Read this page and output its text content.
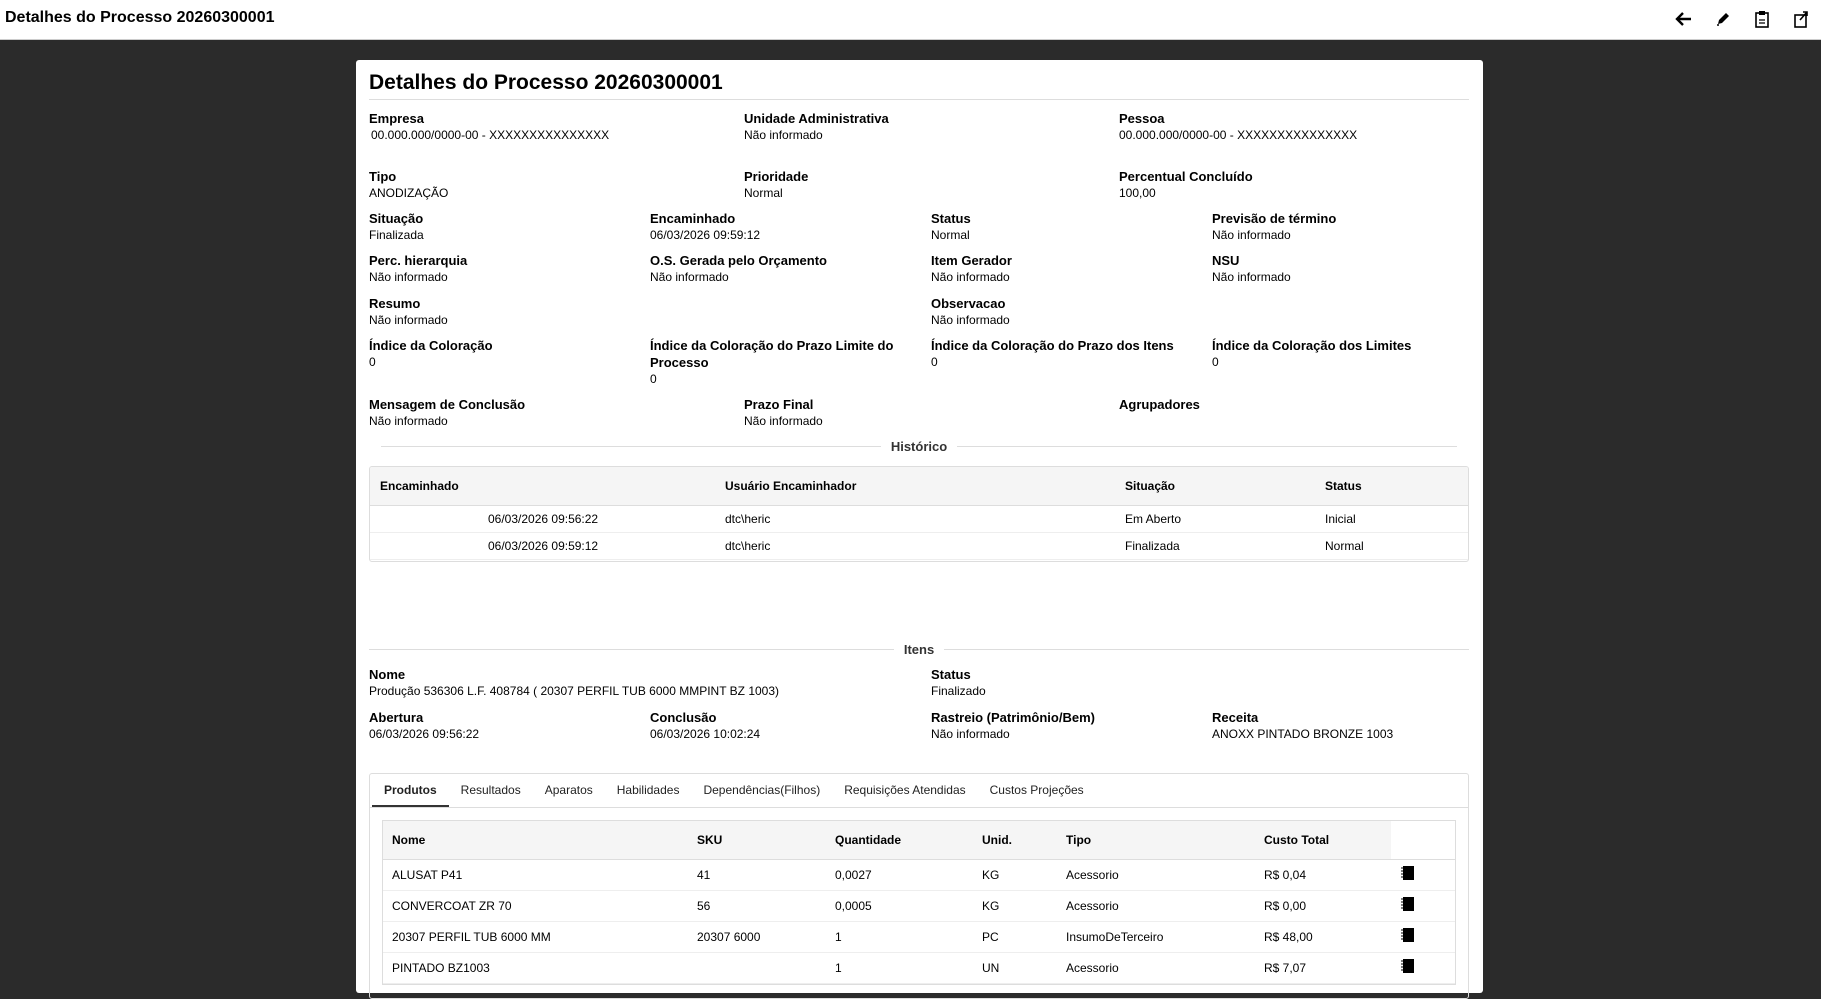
Detalhes do Processo 20260300001
Detalhes do Processo 20260300001
Empresa
00.000.000/0000-00 - XXXXXXXXXXXXXXX
Unidade Administrativa
Não informado
Pessoa
00.000.000/0000-00 - XXXXXXXXXXXXXXX
Tipo
ANODIZAÇÃO
Prioridade
Normal
Percentual Concluído
100,00
Situação
Finalizada
Encaminhado
06/03/2026 09:59:12
Status
Normal
Previsão de término
Não informado
Perc. hierarquia
Não informado
O.S. Gerada pelo Orçamento
Não informado
Item Gerador
Não informado
NSU
Não informado
Resumo
Não informado
Observacao
Não informado
Índice da Coloração
0
Índice da Coloração do Prazo Limite do Processo
0
Índice da Coloração do Prazo dos Itens
0
Índice da Coloração dos Limites
0
Mensagem de Conclusão
Não informado
Prazo Final
Não informado
Agrupadores
Histórico
Encaminhado	Usuário Encaminhador	Situação	Status
06/03/2026 09:56:22	dtc\heric	Em Aberto	Inicial
06/03/2026 09:59:12	dtc\heric	Finalizada	Normal
Itens
Nome
Produção 536306 L.F. 408784 ( 20307 PERFIL TUB 6000 MMPINT BZ 1003)
Status
Finalizado
Abertura
06/03/2026 09:56:22
Conclusão
06/03/2026 10:02:24
Rastreio (Patrimônio/Bem)
Não informado
Receita
ANOXX PINTADO BRONZE 1003
Produtos	Resultados	Aparatos	Habilidades	Dependências(Filhos)	Requisições Atendidas	Custos Projeções
Nome	SKU	Quantidade	Unid.	Tipo	Custo Total	
ALUSAT P41	41	0,0027	KG	Acessorio	R$ 0,04	
CONVERCOAT ZR 70	56	0,0005	KG	Acessorio	R$ 0,00	
20307 PERFIL TUB 6000 MM	20307 6000	1	PC	InsumoDeTerceiro	R$ 48,00	
PINTADO BZ1003		1	UN	Acessorio	R$ 7,07	
